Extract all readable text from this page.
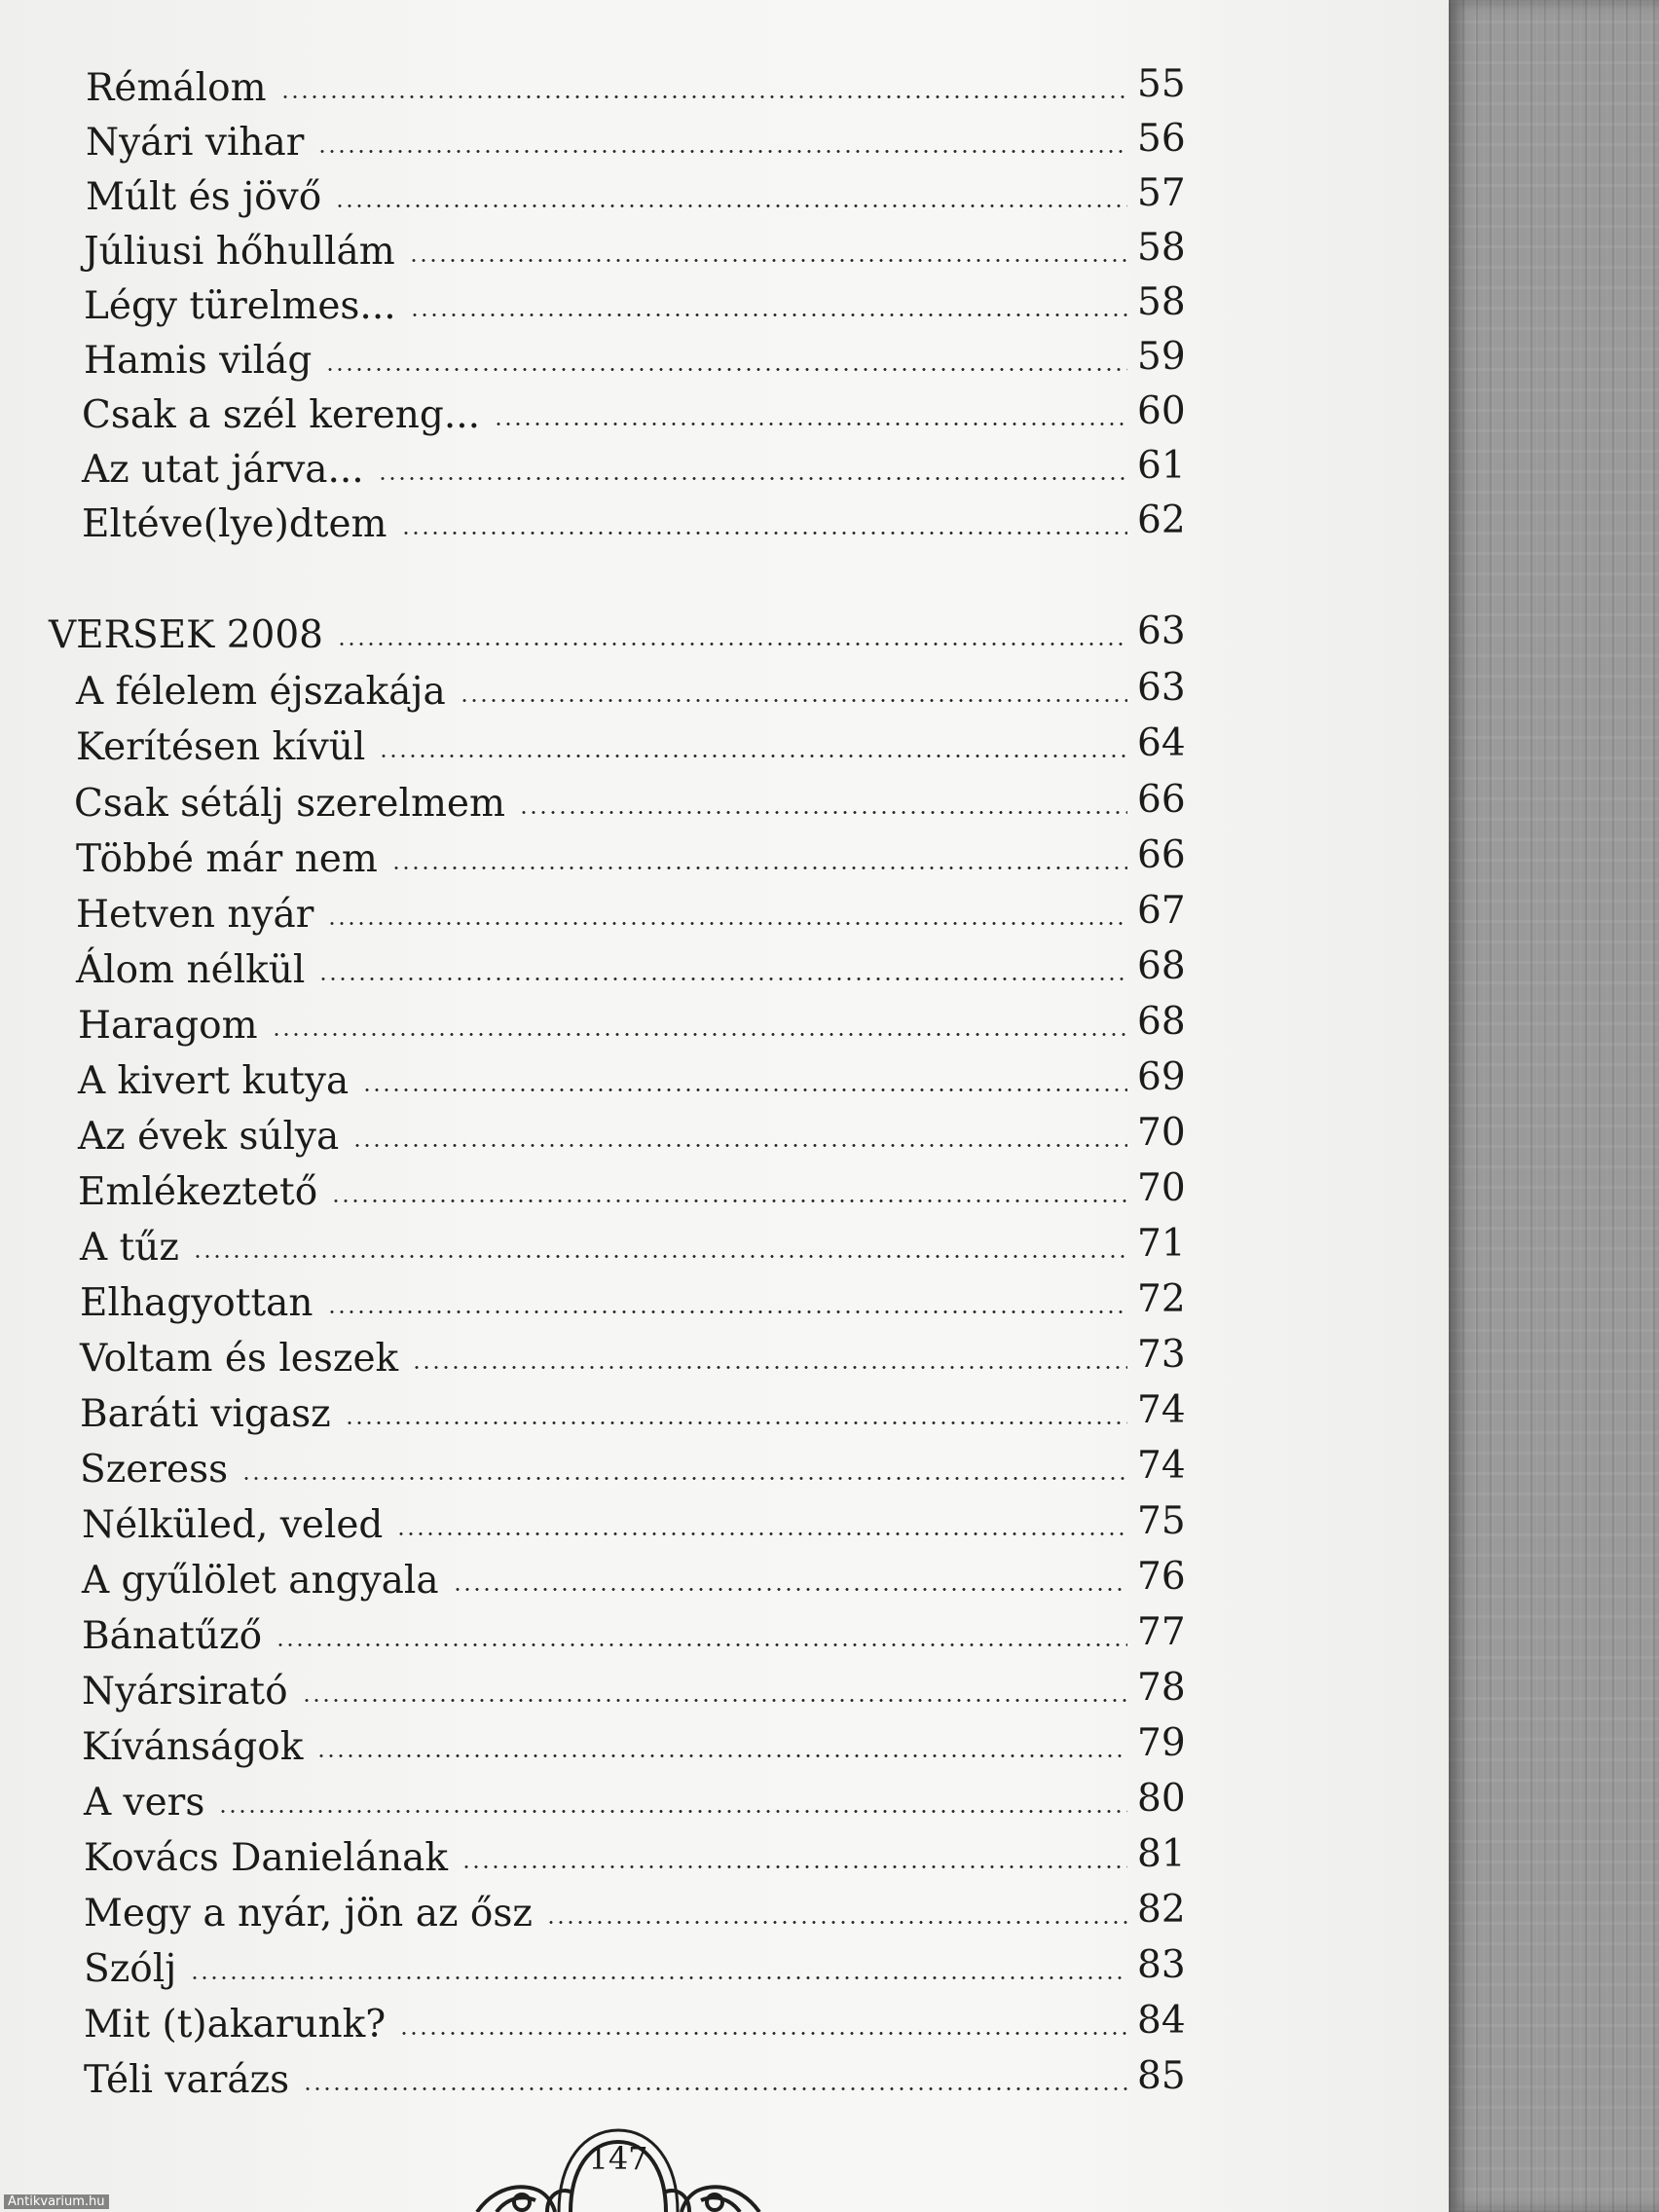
Rémálom	55
Nyári vihar	56
Múlt és jövő	57
Júliusi hőhullám	58
Légy türelmes...	58
Hamis világ	59
Csak a szél kereng...	60
Az utat járva...	61
Eltéve(lye)dtem	62
VERSEK 2008	63
A félelem éjszakája	63
Kerítésen kívül	64
Csak sétálj szerelmem	66
Többé már nem	66
Hetven nyár	67
Álom nélkül	68
Haragom	68
A kivert kutya	69
Az évek súlya	70
Emlékeztető	70
A tűz	71
Elhagyottan	72
Voltam és leszek	73
Baráti vigasz	74
Szeress	74
Nélküled, veled	75
A gyűlölet angyala	76
Bánatűző	77
Nyársirató	78
Kívánságok	79
A vers	80
Kovács Danielának	81
Megy a nyár, jön az ősz	82
Szólj	83
Mit (t)akarunk?	84
Téli varázs	85
147
Antikvarium.hu
